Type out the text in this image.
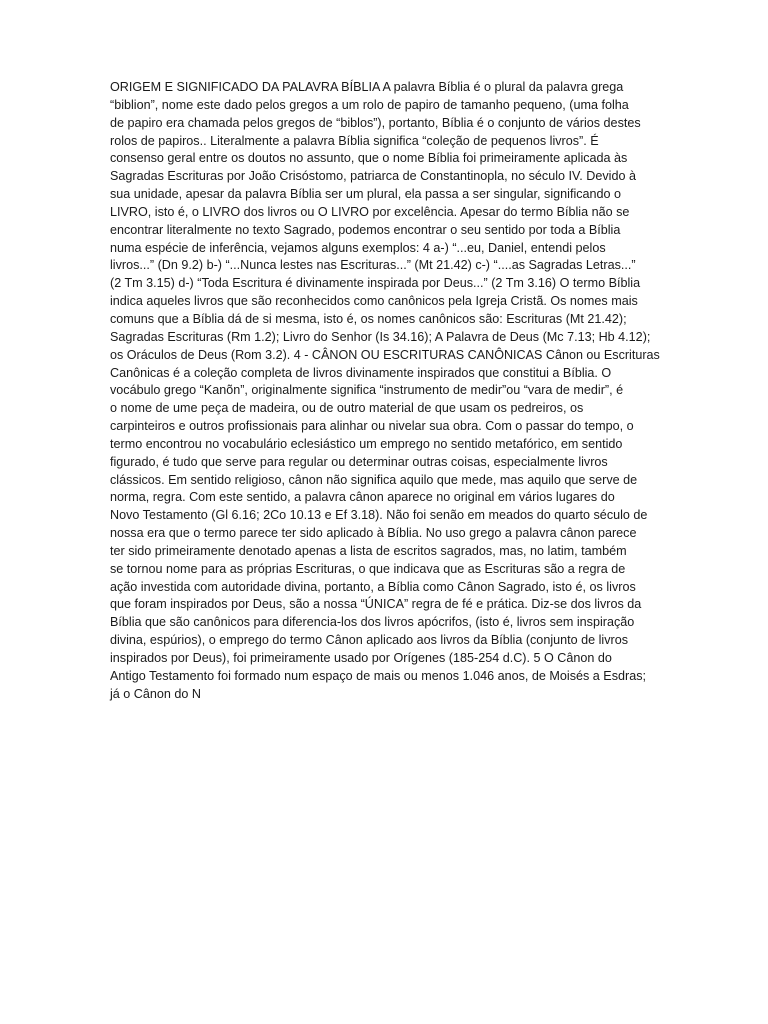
ORIGEM E SIGNIFICADO DA PALAVRA BÍBLIA A palavra Bíblia é o plural da palavra grega
“biblion”, nome este dado pelos gregos a um rolo de papiro de tamanho pequeno, (uma folha
de papiro era chamada pelos gregos de “biblos”), portanto, Bíblia é o conjunto de vários destes
rolos de papiros.. Literalmente a palavra Bíblia significa “coleção de pequenos livros”. É
consenso geral entre os doutos no assunto, que o nome Bíblia foi primeiramente aplicada às
Sagradas Escrituras por João Crisóstomo, patriarca de Constantinopla, no século IV. Devido à
sua unidade, apesar da palavra Bíblia ser um plural, ela passa a ser singular, significando o
LIVRO, isto é, o LIVRO dos livros ou O LIVRO por excelência. Apesar do termo Bíblia não se
encontrar literalmente no texto Sagrado, podemos encontrar o seu sentido por toda a Bíblia
numa espécie de inferência, vejamos alguns exemplos: 4 a-) “...eu, Daniel, entendi pelos
livros...” (Dn 9.2) b-) “...Nunca lestes nas Escrituras...” (Mt 21.42) c-) “....as Sagradas Letras...”
(2 Tm 3.15) d-) “Toda Escritura é divinamente inspirada por Deus...” (2 Tm 3.16) O termo Bíblia
indica aqueles livros que são reconhecidos como canônicos pela Igreja Cristã. Os nomes mais
comuns que a Bíblia dá de si mesma, isto é, os nomes canônicos são: Escrituras (Mt 21.42);
Sagradas Escrituras (Rm 1.2); Livro do Senhor (Is 34.16); A Palavra de Deus (Mc 7.13; Hb 4.12);
os Oráculos de Deus (Rom 3.2). 4 - CÂNON OU ESCRITURAS CANÔNICAS Cânon ou Escrituras
Canônicas é a coleção completa de livros divinamente inspirados que constitui a Bíblia. O
vocábulo grego “Kanõn”, originalmente significa “instrumento de medir”ou “vara de medir”, é
o nome de ume peça de madeira, ou de outro material de que usam os pedreiros, os
carpinteiros e outros profissionais para alinhar ou nivelar sua obra. Com o passar do tempo, o
termo encontrou no vocabulário eclesiástico um emprego no sentido metafórico, em sentido
figurado, é tudo que serve para regular ou determinar outras coisas, especialmente livros
clássicos. Em sentido religioso, cânon não significa aquilo que mede, mas aquilo que serve de
norma, regra. Com este sentido, a palavra cânon aparece no original em vários lugares do
Novo Testamento (Gl 6.16; 2Co 10.13 e Ef 3.18). Não foi senão em meados do quarto século de
nossa era que o termo parece ter sido aplicado à Bíblia. No uso grego a palavra cânon parece
ter sido primeiramente denotado apenas a lista de escritos sagrados, mas, no latim, também
se tornou nome para as próprias Escrituras, o que indicava que as Escrituras são a regra de
ação investida com autoridade divina, portanto, a Bíblia como Cânon Sagrado, isto é, os livros
que foram inspirados por Deus, são a nossa “ÚNICA” regra de fé e prática. Diz-se dos livros da
Bíblia que são canônicos para diferencia-los dos livros apócrifos, (isto é, livros sem inspiração
divina, espúrios), o emprego do termo Cânon aplicado aos livros da Bíblia (conjunto de livros
inspirados por Deus), foi primeiramente usado por Orígenes (185-254 d.C). 5 O Cânon do
Antigo Testamento foi formado num espaço de mais ou menos 1.046 anos, de Moisés a Esdras;
já o Cânon do N
